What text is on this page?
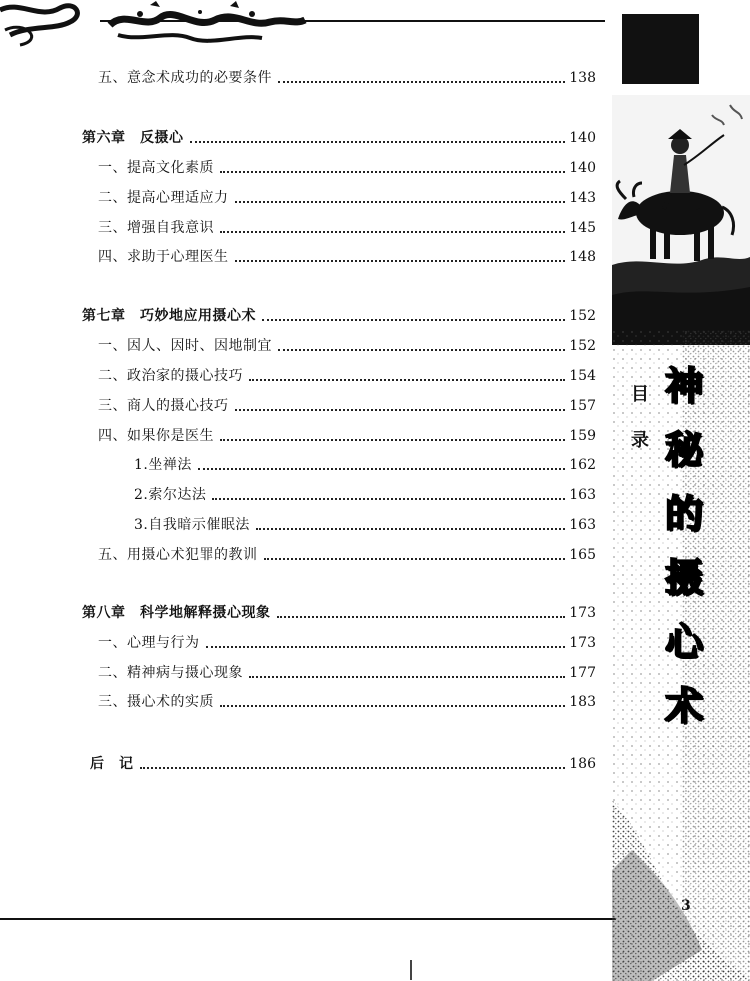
五、意念术成功的必要条件	138
第六章　反摄心	140
一、提高文化素质	140
二、提高心理适应力	143
三、增强自我意识	145
四、求助于心理医生	148
第七章　巧妙地应用摄心术	152
一、因人、因时、因地制宜	152
二、政治家的摄心技巧	154
三、商人的摄心技巧	157
四、如果你是医生	159
1.坐禅法	162
2.索尔达法	163
3.自我暗示催眠法	163
五、用摄心术犯罪的教训	165
第八章　科学地解释摄心现象	173
一、心理与行为	173
二、精神病与摄心现象	177
三、摄心术的实质	183
后　记	186
目
录
神
秘
的
摄
心
术
3
